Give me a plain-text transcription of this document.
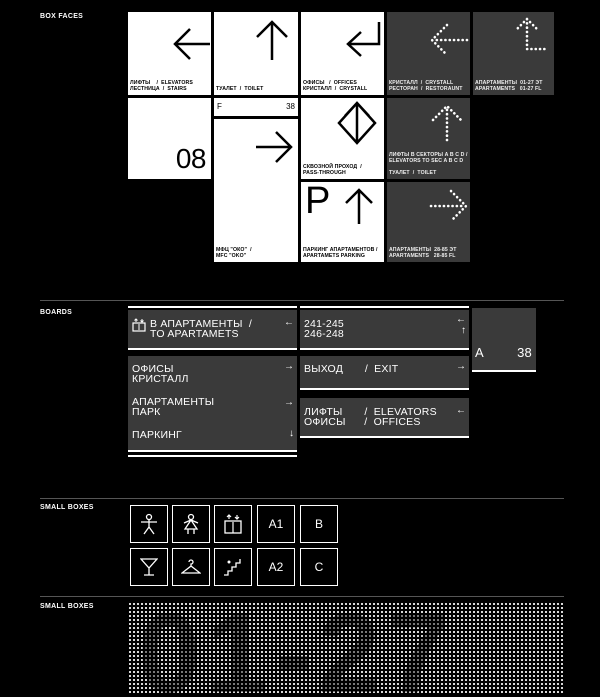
BOX FACES
ЛИФТЫ    /  ELEVATORS
ЛЕСТНИЦА  /  STAIRS	ТУАЛЕТ  /  TOILET
ОФИСЫ   /  OFFICES
КРИСТАЛЛ  /  CRYSTALL
КРИСТАЛЛ  /  CRYSTALL
РЕСТОРАН  /  RESTORAUNT
АПАРТАМЕНТЫ  01-27 ЭТ
APARTAMENTS   01-27 FL
08
F	38
МФЦ "ОКО"  /
MFC "OKO"
СКВОЗНОЙ ПРОХОД  /
PASS-THROUGH
ЛИФТЫ В СЕКТОРЫ A B C D /
ELEVATORS TO SEC A B C D

ТУАЛЕТ  /  TOILET
P
ПАРКИНГ АПАРТАМЕНТОВ /
APARTAMETS PARKING
АПАРТАМЕНТЫ  28-85 ЭТ
APARTAMENTS   28-85 FL
BOARDS
В АПАРТАМЕНТЫ  /
TO APARTAMETS
←
ОФИСЫ
КРИСТАЛЛ
→
АПАРТАМЕНТЫ
ПАРК
→
ПАРКИНГ	↓
241-245
246-248
←
↑
ВЫХОД       /  EXIT	→
ЛИФТЫ       /  ELEVATORS
ОФИСЫ      /  OFFICES
←
A	38
SMALL BOXES
A1	B
A2	C
SMALL BOXES
